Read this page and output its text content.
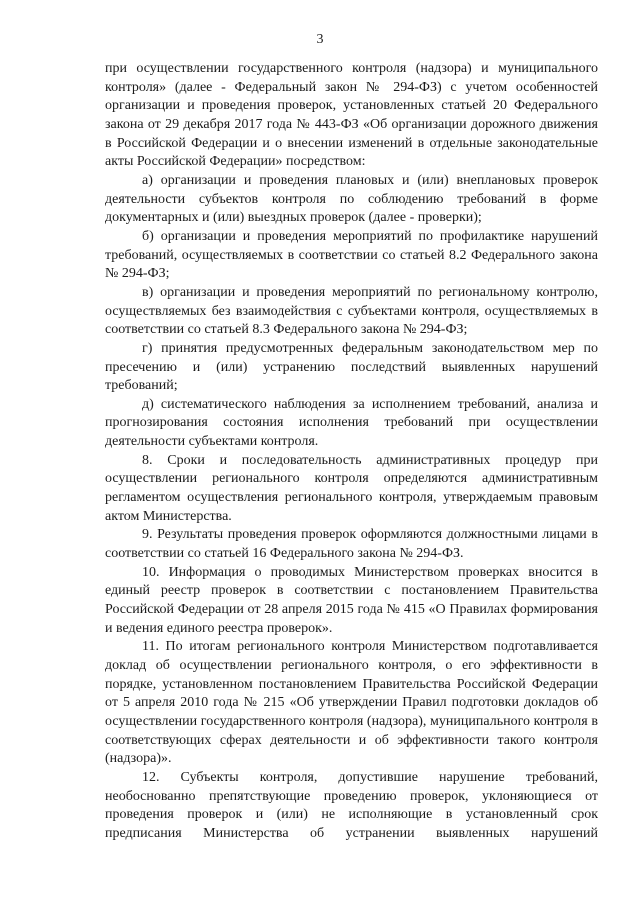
3

при осуществлении государственного контроля (надзора) и муниципального контроля» (далее - Федеральный закон № 294-ФЗ) с учетом особенностей организации и проведения проверок, установленных статьей 20 Федерального закона от 29 декабря 2017 года № 443-ФЗ «Об организации дорожного движения в Российской Федерации и о внесении изменений в отдельные законодательные акты Российской Федерации» посредством:

а) организации и проведения плановых и (или) внеплановых проверок деятельности субъектов контроля по соблюдению требований в форме документарных и (или) выездных проверок (далее - проверки);

б) организации и проведения мероприятий по профилактике нарушений требований, осуществляемых в соответствии со статьей 8.2 Федерального закона № 294-ФЗ;

в) организации и проведения мероприятий по региональному контролю, осуществляемых без взаимодействия с субъектами контроля, осуществляемых в соответствии со статьей 8.3 Федерального закона № 294-ФЗ;

г) принятия предусмотренных федеральным законодательством мер по пресечению и (или) устранению последствий выявленных нарушений требований;

д) систематического наблюдения за исполнением требований, анализа и прогнозирования состояния исполнения требований при осуществлении деятельности субъектами контроля.

8. Сроки и последовательность административных процедур при осуществлении регионального контроля определяются административным регламентом осуществления регионального контроля, утверждаемым правовым актом Министерства.

9. Результаты проведения проверок оформляются должностными лицами в соответствии со статьей 16 Федерального закона № 294-ФЗ.

10. Информация о проводимых Министерством проверках вносится в единый реестр проверок в соответствии с постановлением Правительства Российской Федерации от 28 апреля 2015 года № 415 «О Правилах формирования и ведения единого реестра проверок».

11. По итогам регионального контроля Министерством подготавливается доклад об осуществлении регионального контроля, о его эффективности в порядке, установленном постановлением Правительства Российской Федерации от 5 апреля 2010 года № 215 «Об утверждении Правил подготовки докладов об осуществлении государственного контроля (надзора), муниципального контроля в соответствующих сферах деятельности и об эффективности такого контроля (надзора)».

12. Субъекты контроля, допустившие нарушение требований, необоснованно препятствующие проведению проверок, уклоняющиеся от проведения проверок и (или) не исполняющие в установленный срок предписания Министерства об устранении выявленных нарушений
